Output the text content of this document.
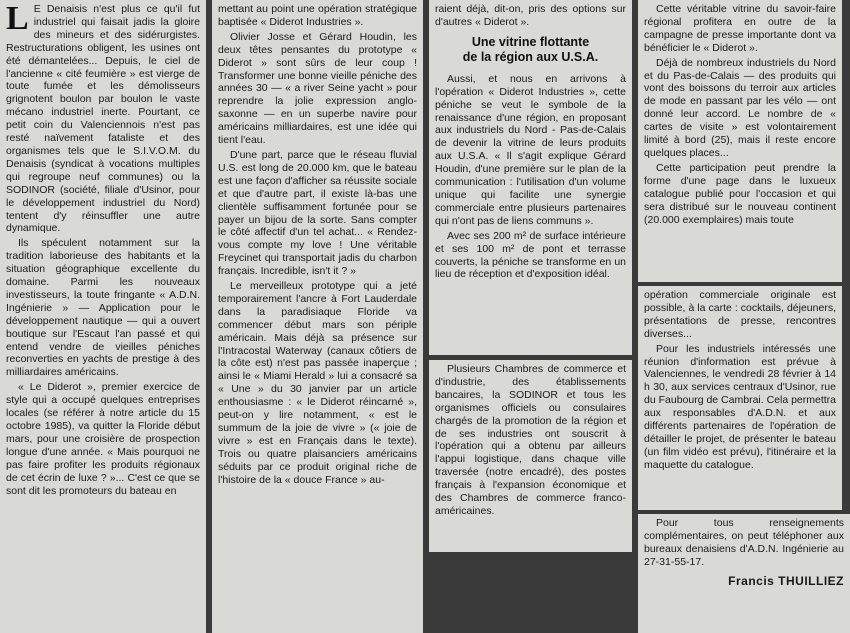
L E Denaisis n'est plus ce qu'il fut industriel qui faisait jadis la gloire des mineurs et des sidérurgistes. Restructurations obligent, les usines ont été démantelées... Depuis, le ciel de l'ancienne « cité feumière » est vierge de toute fumée et les démolisseurs grignotent boulon par boulon le vaste mécano industriel inerte. Pourtant, ce petit coin du Valenciennois n'est pas resté naïvement fataliste et des organismes tels que le S.I.V.O.M. du Denaisis (syndicat à vocations multiples qui regroupe neuf communes) ou la SODINOR (société, filiale d'Usinor, pour le développement industriel du Nord) tentent d'y réinsuffler une autre dynamique.

Ils spéculent notamment sur la tradition laborieuse des habitants et la situation géographique excellente du domaine. Parmi les nouveaux investisseurs, la toute fringante « A.D.N. Ingénierie » — Application pour le développement nautique — qui a ouvert boutique sur l'Escaut l'an passé et qui entend vendre de vieilles péniches reconverties en yachts de prestige à des milliardaires américains.

« Le Diderot », premier exercice de style qui a occupé quelques entreprises locales (se référer à notre article du 15 octobre 1985), va quitter la Floride début mars, pour une croisière de prospection longue d'une année. « Mais pourquoi ne pas faire profiter les produits régionaux de cet écrin de luxe ? »... C'est ce que se sont dit les promoteurs du bateau en

mettant au point une opération stratégique baptisée « Diderot Industries ».

Olivier Josse et Gérard Houdin, les deux têtes pensantes du prototype « Diderot » sont sûrs de leur coup ! Transformer une bonne vieille péniche des années 30 — « a river Seine yacht » pour reprendre la jolie expression anglo-saxonne — en un superbe navire pour américains milliardaires, est une idée qui tient l'eau.

D'une part, parce que le réseau fluvial U.S. est long de 20.000 km, que le bateau est une façon d'afficher sa réussite sociale et que d'autre part, il existe là-bas une clientèle suffisamment fortunée pour se payer un bijou de la sorte. Sans compter le côté affectif d'un tel achat... « Rendez-vous compte my love ! Une véritable Freycinet qui transportait jadis du charbon français. Incredible, isn't it ? »

Le merveilleux prototype qui a jeté temporairement l'ancre à Fort Lauderdale dans la paradisiaque Floride va commencer début mars son périple américain. Mais déjà sa présence sur l'Intracostal Waterway (canaux côtiers de la côte est) n'est pas passée inaperçue ; ainsi le « Miami Herald » lui a consacré sa « Une » du 30 janvier par un article enthousiasme : « le Diderot réincarné », peut-on y lire notamment, « est le summum de la joie de vivre » (« joie de vivre » est en Français dans le texte). Trois ou quatre plaisanciers américains séduits par ce produit original riche de l'histoire de la « douce France » au-

raient déjà, dit-on, pris des options sur d'autres « Diderot ».

Une vitrine flottante
de la région aux U.S.A.

Aussi, et nous en arrivons à l'opération « Diderot Industries », cette péniche se veut le symbole de la renaissance d'une région, en proposant aux industriels du Nord - Pas-de-Calais de devenir la vitrine de leurs produits aux U.S.A. « Il s'agit explique Gérard Houdin, d'une première sur le plan de la communication : l'utilisation d'un volume unique qui facilite une synergie commerciale entre plusieurs partenaires qui n'ont pas de liens communs ».

Avec ses 200 m² de surface intérieure et ses 100 m² de pont et terrasse couverts, la péniche se transforme en un lieu de réception et d'exposition idéal.

Plusieurs Chambres de commerce et d'industrie, des établissements bancaires, la SODINOR et tous les organismes officiels ou consulaires chargés de la promotion de la région et de ses industries ont souscrit à l'opération qui a obtenu par ailleurs l'appui logistique, dans chaque ville traversée (notre encadré), des postes français à l'expansion économique et des Chambres de commerce franco-américaines.

Cette véritable vitrine du savoir-faire régional profitera en outre de la campagne de presse importante dont va bénéficier le « Diderot ».

Déjà de nombreux industriels du Nord et du Pas-de-Calais — des produits qui vont des boissons du terroir aux articles de mode en passant par les vélo — ont donné leur accord. Le nombre de « cartes de visite » est volontairement limité à bord (25), mais il reste encore quelques places...

Cette participation peut prendre la forme d'une page dans le luxueux catalogue publié pour l'occasion et qui sera distribué sur le nouveau continent (20.000 exemplaires) mais toute

opération commerciale originale est possible, à la carte : cocktails, déjeuners, présentations de presse, rencontres diverses...

Pour les industriels intéressés une réunion d'information est prévue à Valenciennes, le vendredi 28 février à 14 h 30, aux services centraux d'Usinor, rue du Faubourg de Cambrai. Cela permettra aux responsables d'A.D.N. et aux différents partenaires de l'opération de détailler le projet, de présenter le bateau (un film vidéo est prévu), l'itinéraire et la maquette du catalogue.

Pour tous renseignements complémentaires, on peut téléphoner aux bureaux denaisiens d'A.D.N. Ingénierie au 27-31-55-17.

Francis THUILLIEZ
